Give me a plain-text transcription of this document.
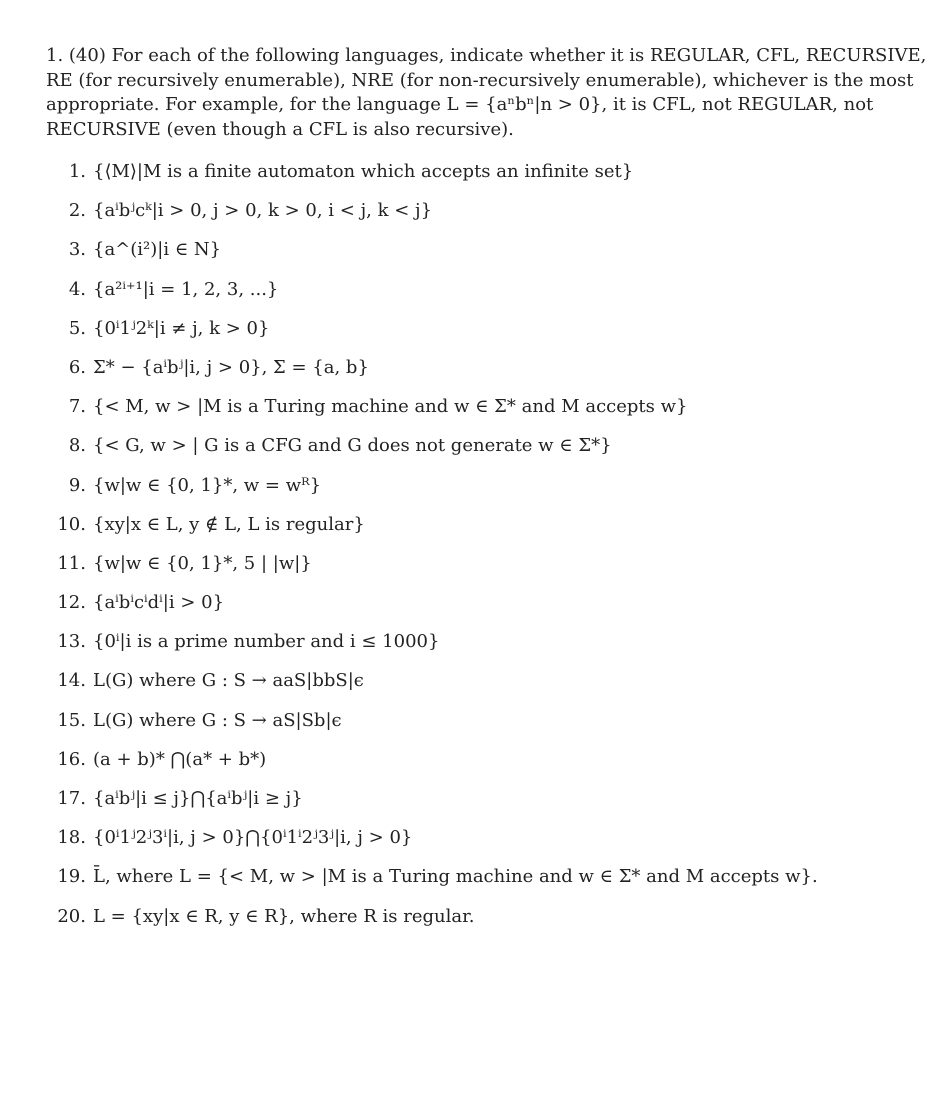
1. (40) For each of the following languages, indicate whether it is REGULAR, CFL, RECURSIVE,
RE (for recursively enumerable), NRE (for non-recursively enumerable), whichever is the most
appropriate. For example, for the language L = {aⁿbⁿ|n > 0}, it is CFL, not REGULAR, not
RECURSIVE (even though a CFL is also recursive).
1. {⟨M⟩|M is a finite automaton which accepts an infinite set}
2. {aⁱbʲcᵏ|i > 0, j > 0, k > 0, i < j, k < j}
3. {a^(i²)|i ∈ N}
4. {a²ⁱ⁺¹|i = 1, 2, 3, ...}
5. {0ⁱ1ʲ2ᵏ|i ≠ j, k > 0}
6. Σ* − {aⁱbʲ|i, j > 0}, Σ = {a, b}
7. {< M, w > |M is a Turing machine and w ∈ Σ* and M accepts w}
8. {< G, w > | G is a CFG and G does not generate w ∈ Σ*}
9. {w|w ∈ {0, 1}*, w = wᴿ}
10. {xy|x ∈ L, y ∉ L, L is regular}
11. {w|w ∈ {0, 1}*, 5 | |w|}
12. {aⁱbⁱcⁱdⁱ|i > 0}
13. {0ⁱ|i is a prime number and i ≤ 1000}
14. L(G) where G : S → aaS|bbS|ϵ
15. L(G) where G : S → aS|Sb|ϵ
16. (a + b)* ⋂(a* + b*)
17. {aⁱbʲ|i ≤ j}⋂{aⁱbʲ|i ≥ j}
18. {0ⁱ1ʲ2ʲ3ⁱ|i, j > 0}⋂{0ⁱ1ⁱ2ʲ3ʲ|i, j > 0}
19. L̄, where L = {< M, w > |M is a Turing machine and w ∈ Σ* and M accepts w}.
20. L = {xy|x ∈ R, y ∈ R}, where R is regular.
